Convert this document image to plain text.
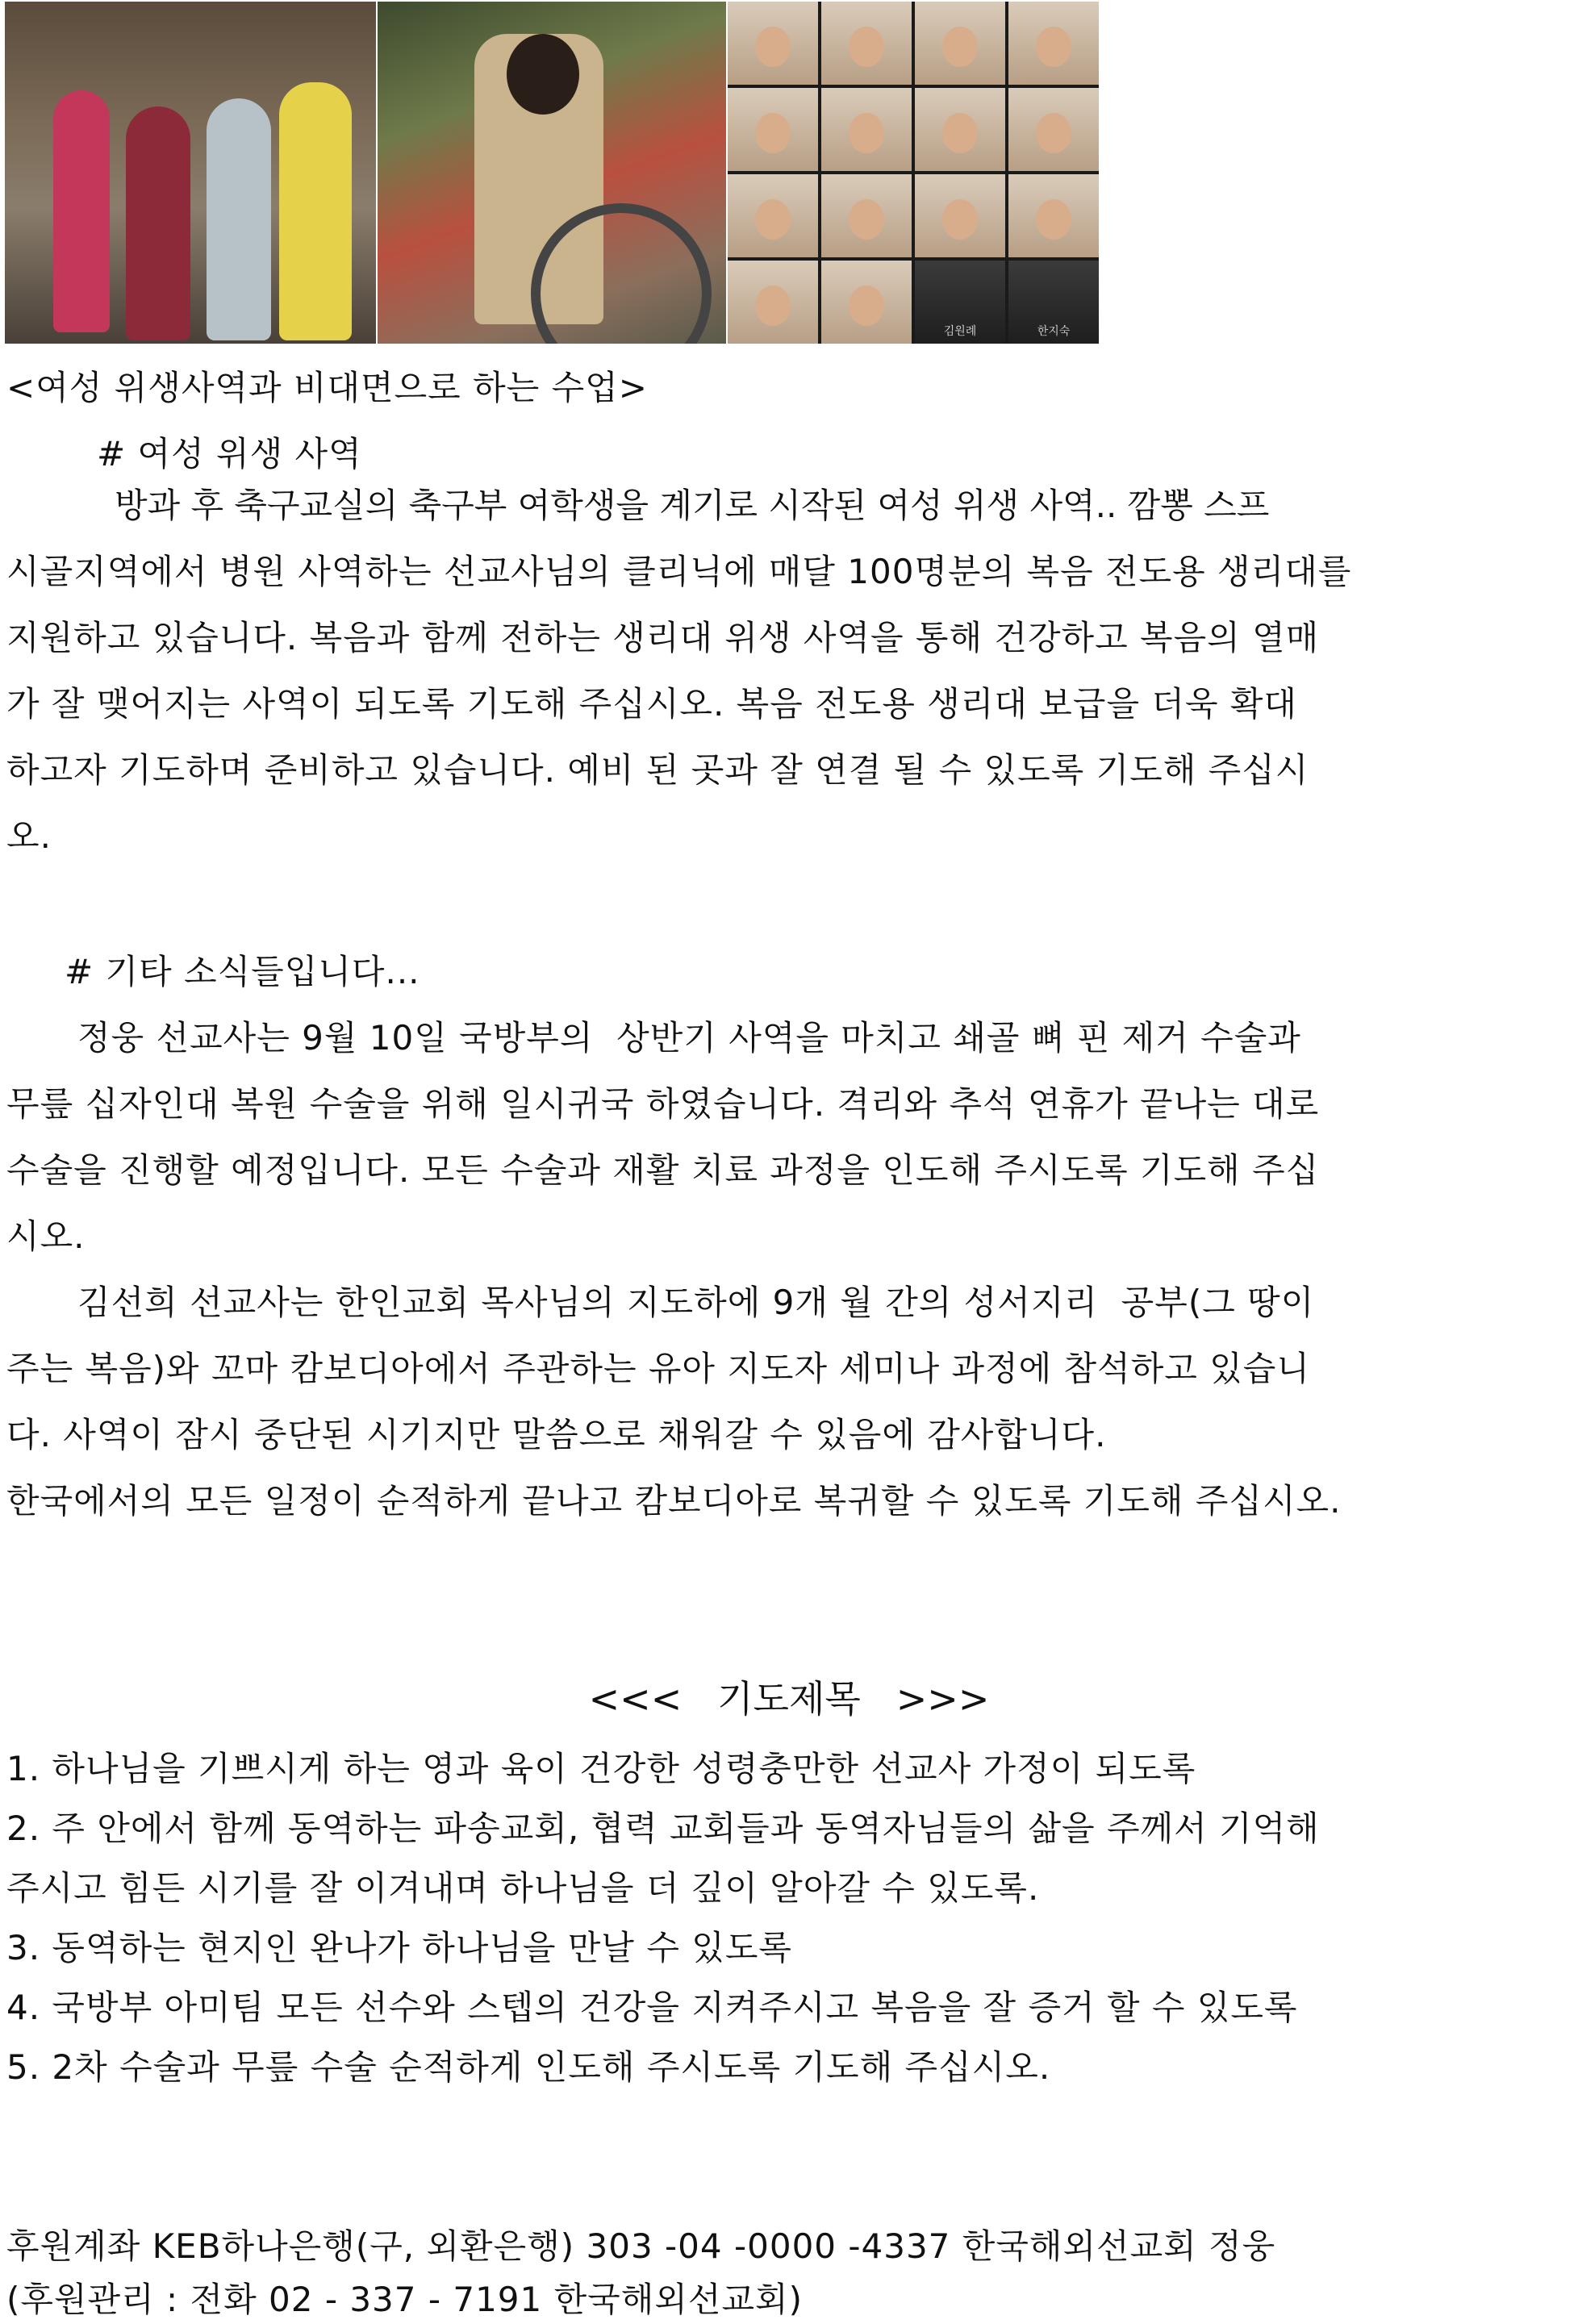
김원례	한지숙
<여성 위생사역과 비대면으로 하는 수업>
# 여성 위생 사역
방과 후 축구교실의 축구부 여학생을 계기로 시작된 여성 위생 사역.. 깜뽕 스프
시골지역에서 병원 사역하는 선교사님의 클리닉에 매달 100명분의 복음 전도용 생리대를
지원하고 있습니다. 복음과 함께 전하는 생리대 위생 사역을 통해 건강하고 복음의 열매
가 잘 맺어지는 사역이 되도록 기도해 주십시오. 복음 전도용 생리대 보급을 더욱 확대
하고자 기도하며 준비하고 있습니다. 예비 된 곳과 잘 연결 될 수 있도록 기도해 주십시
오.
# 기타 소식들입니다...
정웅 선교사는 9월 10일 국방부의  상반기 사역을 마치고 쇄골 뼈 핀 제거 수술과
무릎 십자인대 복원 수술을 위해 일시귀국 하였습니다. 격리와 추석 연휴가 끝나는 대로
수술을 진행할 예정입니다. 모든 수술과 재활 치료 과정을 인도해 주시도록 기도해 주십
시오.
김선희 선교사는 한인교회 목사님의 지도하에 9개 월 간의 성서지리  공부(그 땅이
주는 복음)와 꼬마 캄보디아에서 주관하는 유아 지도자 세미나 과정에 참석하고 있습니
다. 사역이 잠시 중단된 시기지만 말씀으로 채워갈 수 있음에 감사합니다.
한국에서의 모든 일정이 순적하게 끝나고 캄보디아로 복귀할 수 있도록 기도해 주십시오.
<<<   기도제목   >>>
1. 하나님을 기쁘시게 하는 영과 육이 건강한 성령충만한 선교사 가정이 되도록
2. 주 안에서 함께 동역하는 파송교회, 협력 교회들과 동역자님들의 삶을 주께서 기억해
주시고 힘든 시기를 잘 이겨내며 하나님을 더 깊이 알아갈 수 있도록.
3. 동역하는 현지인 완나가 하나님을 만날 수 있도록
4. 국방부 아미팀 모든 선수와 스텝의 건강을 지켜주시고 복음을 잘 증거 할 수 있도록
5. 2차 수술과 무릎 수술 순적하게 인도해 주시도록 기도해 주십시오.
후원계좌 KEB하나은행(구, 외환은행) 303 -04 -0000 -4337 한국해외선교회 정웅
(후원관리 : 전화 02 - 337 - 7191 한국해외선교회)
